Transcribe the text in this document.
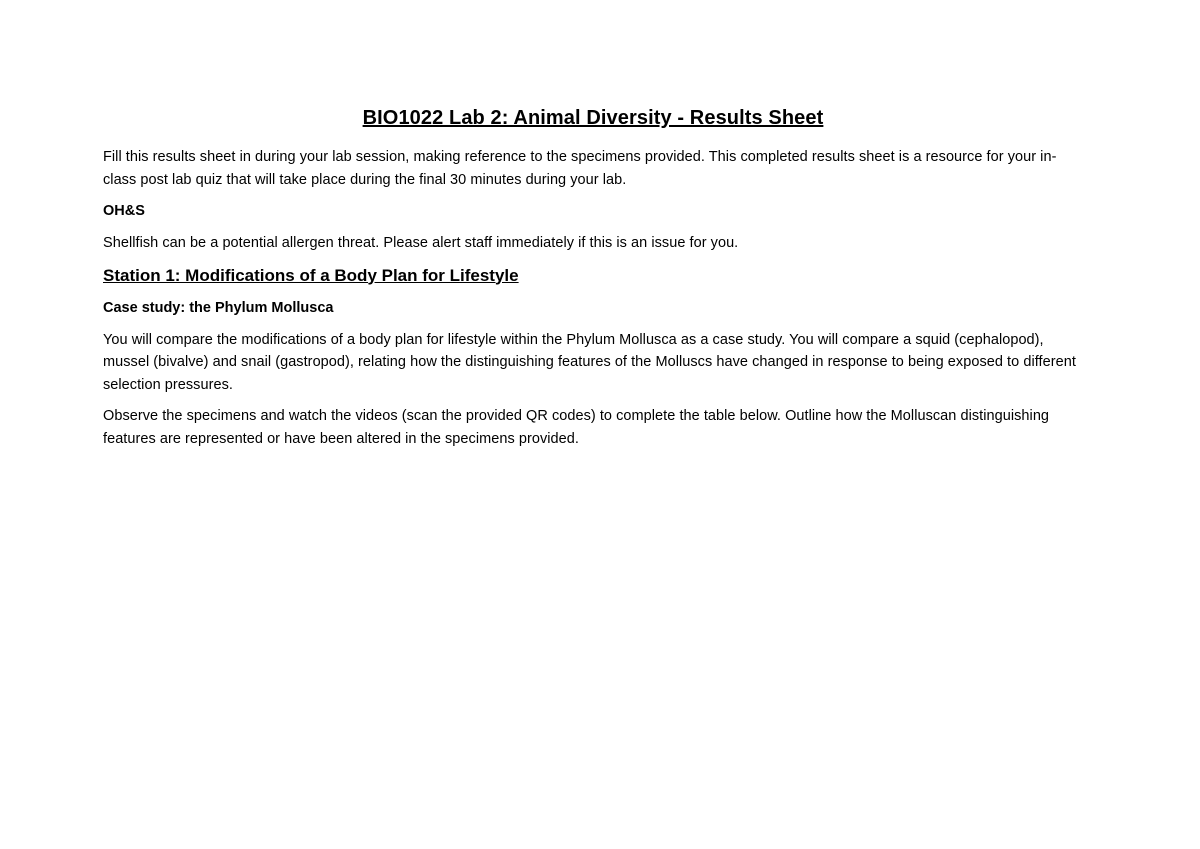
BIO1022 Lab 2: Animal Diversity - Results Sheet

Fill this results sheet in during your lab session, making reference to the specimens provided. This completed results sheet is a resource for your in-class post lab quiz that will take place during the final 30 minutes during your lab.

OH&S

Shellfish can be a potential allergen threat. Please alert staff immediately if this is an issue for you.

Station 1: Modifications of a Body Plan for Lifestyle
Case study: the Phylum Mollusca

You will compare the modifications of a body plan for lifestyle within the Phylum Mollusca as a case study. You will compare a squid (cephalopod), mussel (bivalve) and snail (gastropod), relating how the distinguishing features of the Molluscs have changed in response to being exposed to different selection pressures.

Observe the specimens and watch the videos (scan the provided QR codes) to complete the table below. Outline how the Molluscan distinguishing features are represented or have been altered in the specimens provided.
